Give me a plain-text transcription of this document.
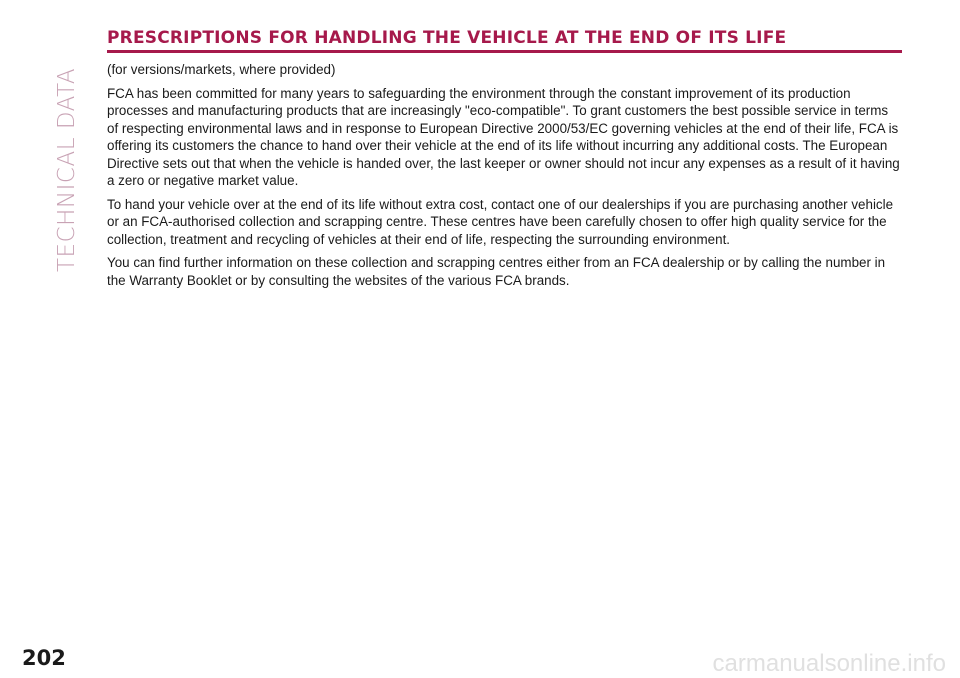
TECHNICAL DATA
PRESCRIPTIONS FOR HANDLING THE VEHICLE AT THE END OF ITS LIFE

(for versions/markets, where provided)

FCA has been committed for many years to safeguarding the environment through the constant improvement of its production processes and manufacturing products that are increasingly "eco-compatible". To grant customers the best possible service in terms of respecting environmental laws and in response to European Directive 2000/53/EC governing vehicles at the end of their life, FCA is offering its customers the chance to hand over their vehicle at the end of its life without incurring any additional costs. The European Directive sets out that when the vehicle is handed over, the last keeper or owner should not incur any expenses as a result of it having a zero or negative market value.

To hand your vehicle over at the end of its life without extra cost, contact one of our dealerships if you are purchasing another vehicle or an FCA-authorised collection and scrapping centre. These centres have been carefully chosen to offer high quality service for the collection, treatment and recycling of vehicles at their end of life, respecting the surrounding environment.

You can find further information on these collection and scrapping centres either from an FCA dealership or by calling the number in the Warranty Booklet or by consulting the websites of the various FCA brands.

202	carmanualsonline.info
